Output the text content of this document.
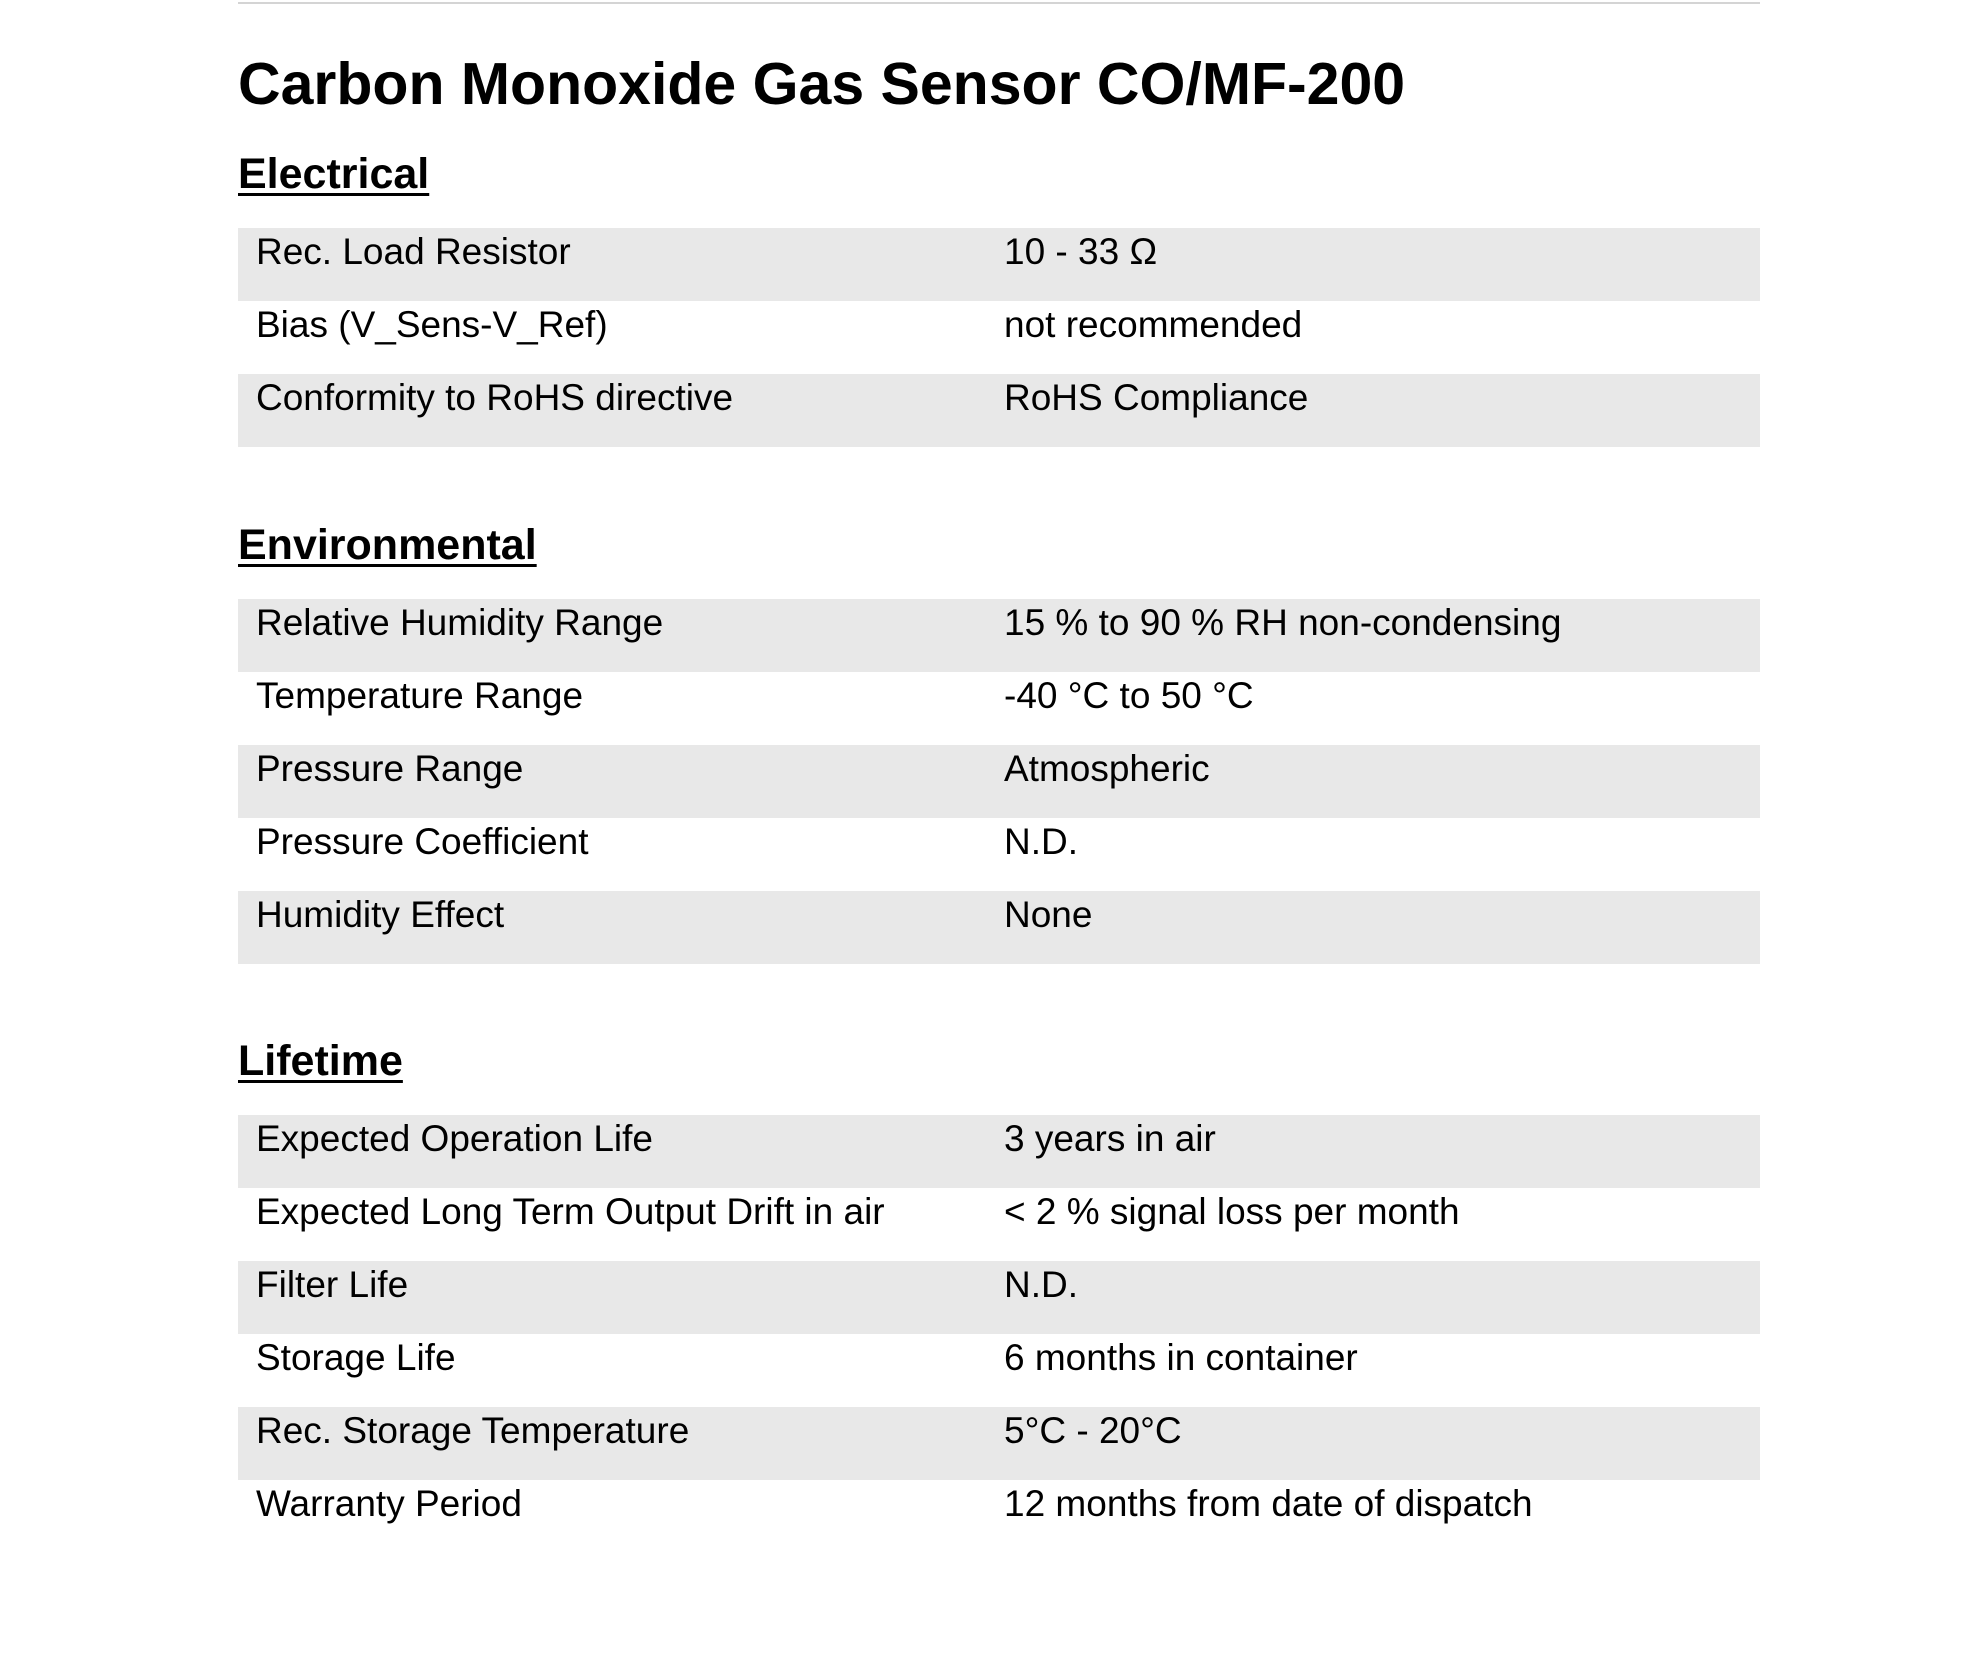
Carbon Monoxide Gas Sensor CO/MF-200
Electrical
Rec. Load Resistor	10 - 33 Ω
Bias (V_Sens-V_Ref)	not recommended
Conformity to RoHS directive	RoHS Compliance
Environmental
Relative Humidity Range	15 % to 90 % RH non-condensing
Temperature Range	-40 °C to 50 °C
Pressure Range	Atmospheric
Pressure Coefficient	N.D.
Humidity Effect	None
Lifetime
Expected Operation Life	3 years in air
Expected Long Term Output Drift in air	< 2 % signal loss per month
Filter Life	N.D.
Storage Life	6 months in container
Rec. Storage Temperature	5°C - 20°C
Warranty Period	12 months from date of dispatch
